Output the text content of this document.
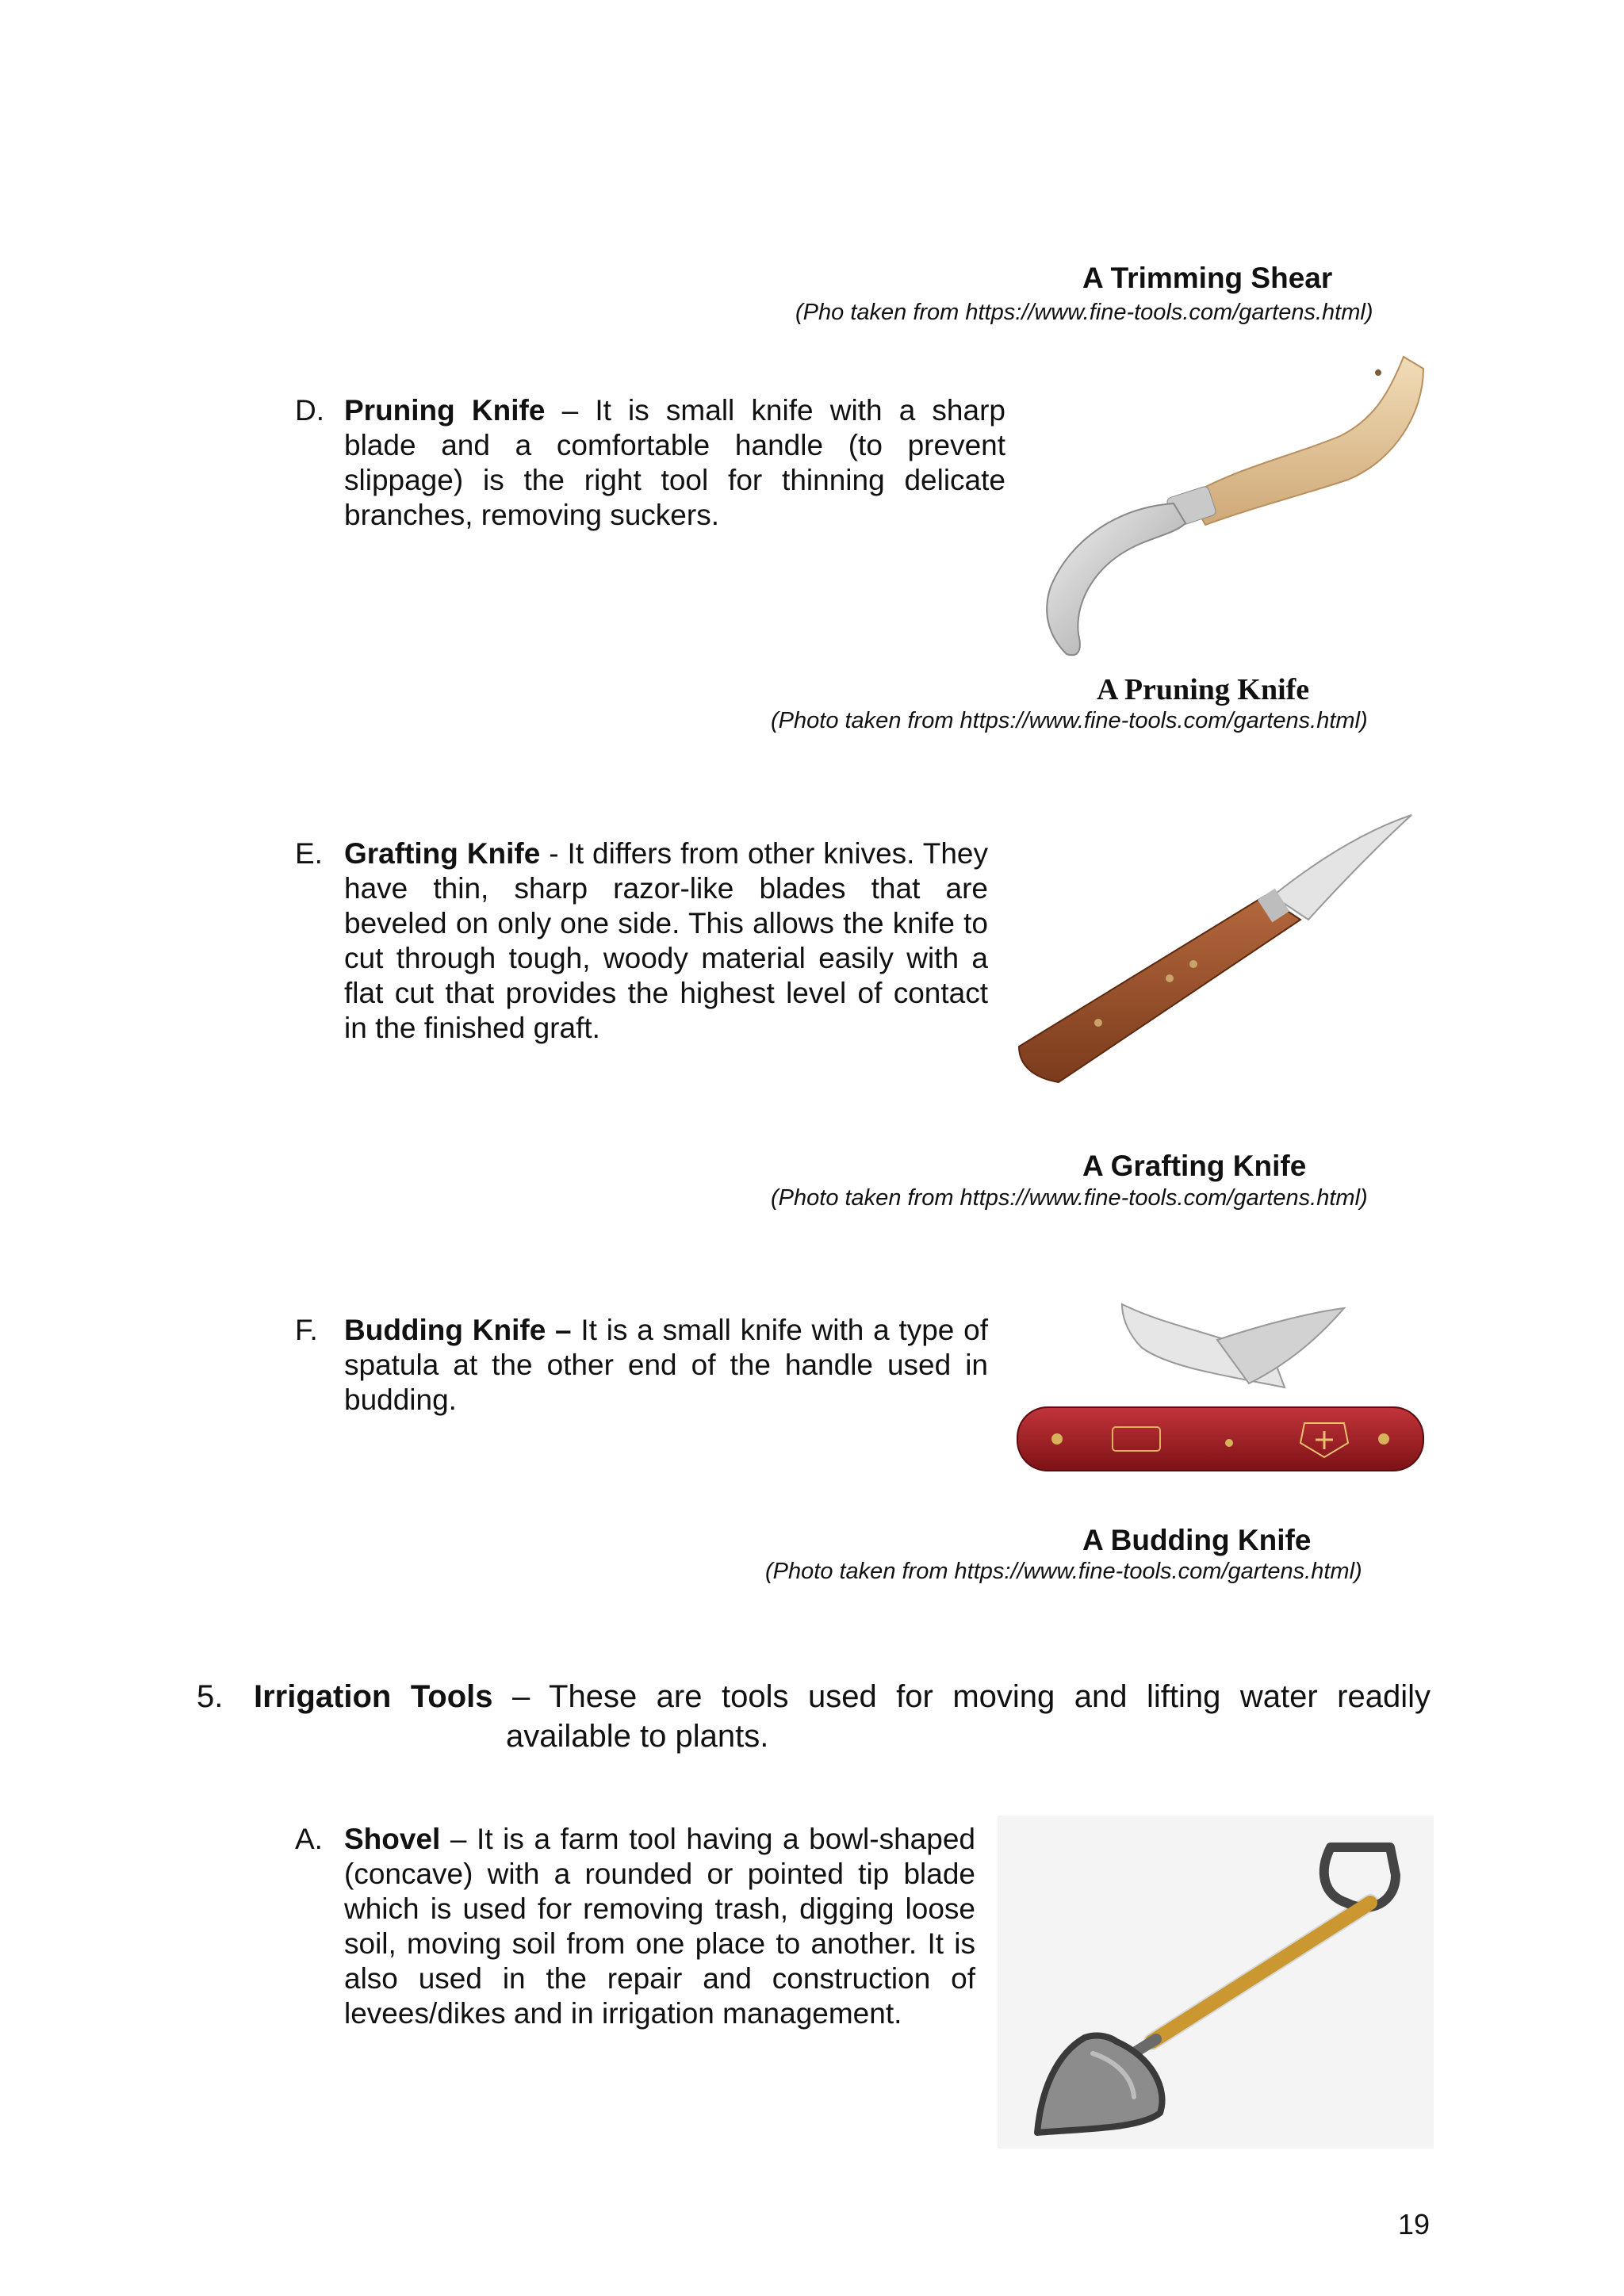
A Trimming Shear
(Pho taken from https://www.fine-tools.com/gartens.html)
D. Pruning Knife – It is small knife with a sharp blade and a comfortable handle (to prevent slippage) is the right tool for thinning delicate branches, removing suckers.
A Pruning Knife
(Photo taken from https://www.fine-tools.com/gartens.html)
E. Grafting Knife - It differs from other knives. They have thin, sharp razor-like blades that are beveled on only one side. This allows the knife to cut through tough, woody material easily with a flat cut that provides the highest level of contact in the finished graft.
A Grafting Knife
(Photo taken from https://www.fine-tools.com/gartens.html)
F. Budding Knife – It is a small knife with a type of spatula at the other end of the handle used in budding.
A Budding Knife
(Photo taken from https://www.fine-tools.com/gartens.html)
5. Irrigation Tools – These are tools used for moving and lifting water readily
available to plants.
A. Shovel – It is a farm tool having a bowl-shaped (concave) with a rounded or pointed tip blade which is used for removing trash, digging loose soil, moving soil from one place to another. It is also used in the repair and construction of levees/dikes and in irrigation management.
19
